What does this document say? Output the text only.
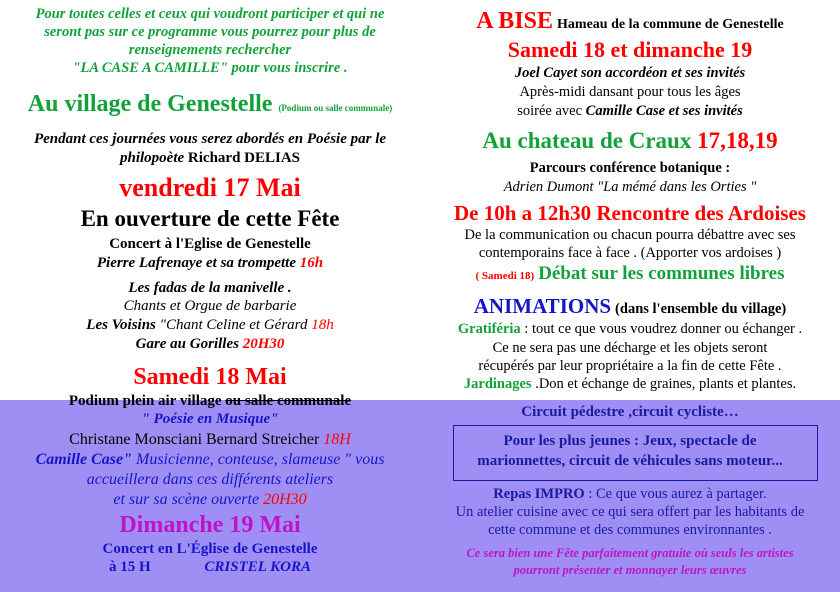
Pour toutes celles et ceux qui voudront participer et qui ne
seront pas sur ce programme vous pourrez pour plus de
renseignements rechercher
"LA CASE A CAMILLE" pour vous inscrire .
Au village de Genestelle (Podium ou salle communale)
Pendant ces journées vous serez abordés en Poésie par le
philopoète Richard DELIAS
vendredi 17 Mai
En ouverture de cette Fête
Concert à l'Eglise de Genestelle
Pierre Lafrenaye et sa trompette 16h
Les fadas de la manivelle .
Chants et Orgue de barbarie
Les Voisins "Chant Celine et Gérard 18h
Gare au Gorilles 20H30
Samedi 18 Mai
Podium plein air village ou salle communale
" Poésie en Musique"
Christane Monsciani Bernard Streicher 18H
Camille Case" Musicienne, conteuse, slameuse " vous
accueillera dans ces différents ateliers
et sur sa scène ouverte 20H30
Dimanche 19 Mai
Concert en L'Église de Genestelle
à 15 H	CRISTEL KORA
A BISE Hameau de la commune de Genestelle
Samedi 18 et dimanche 19
Joel Cayet son accordéon et ses invités
Après-midi dansant pour tous les âges
soirée avec Camille Case et ses invités
Au chateau de Craux 17,18,19
Parcours conférence botanique :
Adrien Dumont "La mémé dans les Orties "
De 10h a 12h30 Rencontre des Ardoises
De la communication ou chacun pourra débattre avec ses
contemporains face à face . (Apporter vos ardoises )
( Samedi 18) Débat sur les communes libres
ANIMATIONS (dans l'ensemble du village)
Gratiféria : tout ce que vous voudrez donner ou échanger .
Ce ne sera pas une décharge et les objets seront
récupérés par leur propriétaire a la fin de cette Fête .
Jardinages .Don et échange de graines, plants et plantes.
Circuit pédestre ,circuit cycliste…
Pour les plus jeunes : Jeux, spectacle de
marionnettes, circuit de véhicules sans moteur...
Repas IMPRO : Ce que vous aurez à partager.
Un atelier cuisine avec ce qui sera offert par les habitants de
cette commune et des communes environnantes .
Ce sera bien une Fête parfaitement gratuite où seuls les artistes
pourront présenter et monnayer leurs œuvres
